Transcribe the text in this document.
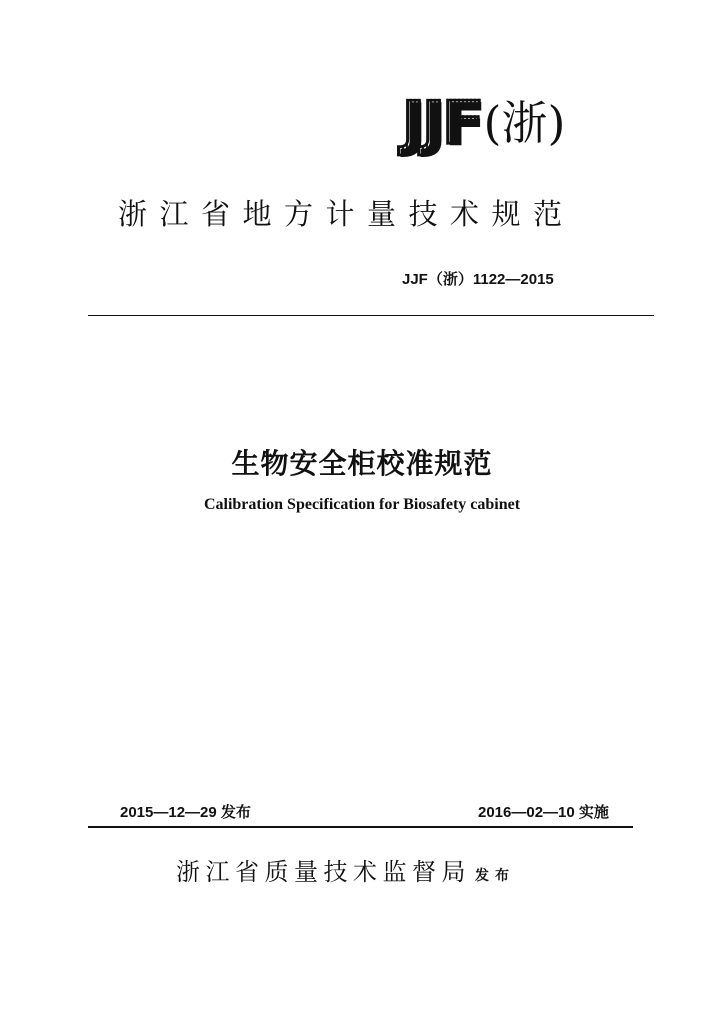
JJF (浙)
浙江省地方计量技术规范
JJF（浙）1122—2015
生物安全柜校准规范
Calibration Specification for Biosafety cabinet
2015—12—29 发布	2016—02—10 实施
浙江省质量技术监督局 发布
